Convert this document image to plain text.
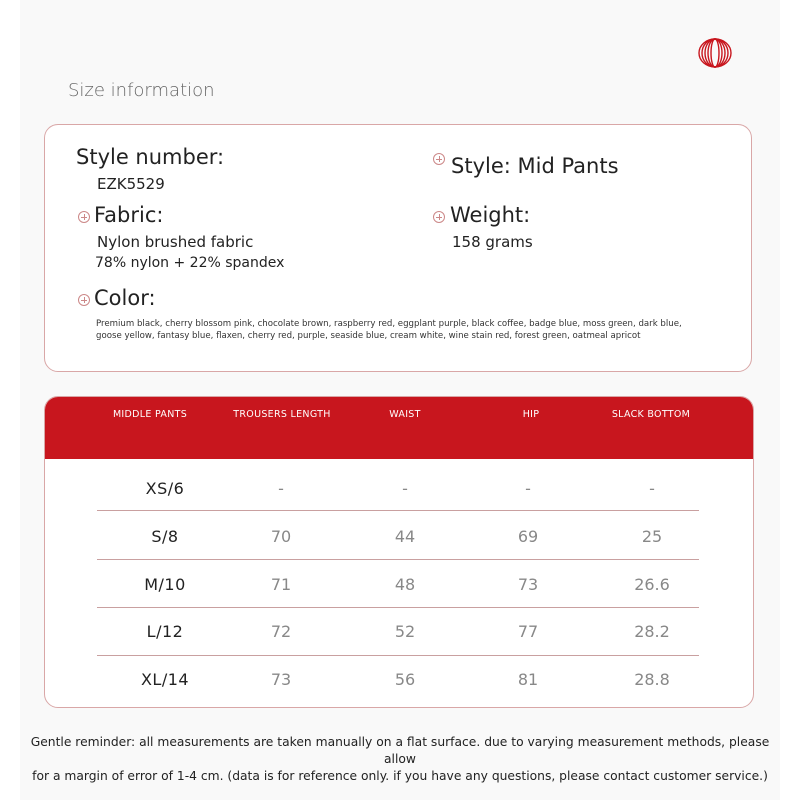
Size information
Style number:
EZK5529
Style: Mid Pants
Fabric:
Nylon brushed fabric
78% nylon + 22% spandex
Weight:
158 grams
Color:
Premium black, cherry blossom pink, chocolate brown, raspberry red, eggplant purple, black coffee, badge blue, moss green, dark blue,
goose yellow, fantasy blue, flaxen, cherry red, purple, seaside blue, cream white, wine stain red, forest green, oatmeal apricot
MIDDLE PANTS	TROUSERS LENGTH	WAIST	HIP	SLACK BOTTOM
XS/6	-	-	-	-
S/8	70	44	69	25
M/10	71	48	73	26.6
L/12	72	52	77	28.2
XL/14	73	56	81	28.8
Gentle reminder: all measurements are taken manually on a flat surface. due to varying measurement methods, please allow
for a margin of error of 1-4 cm. (data is for reference only. if you have any questions, please contact customer service.)
